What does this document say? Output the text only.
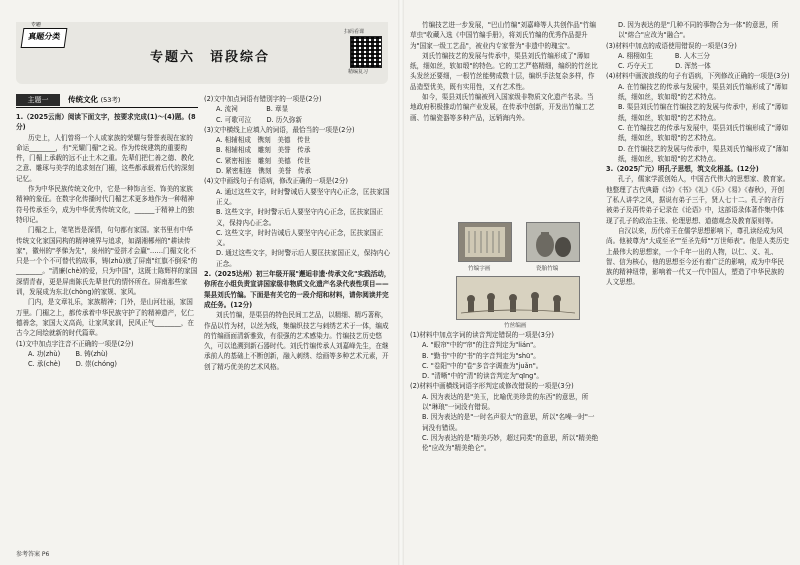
专题
真题分类
专题六　语段综合
扫码看课
精编复习
主题一	传统文化 (53考)

1.（2025云南）阅读下面文字，按要求完成(1)～(4)题。(8分)

历史上，人们曾将一个人或家族的荣耀与誉誉表现在家的命运________，有"光耀门楣"之说。作为传统建筑的重要构件，门楣上承载的远不止土木之重。先辈们把仁善之德、教化之意、雕琢与美学的追求刻在门楣，这些都承载着后代的深刻记忆。

作为中华民族传统文化中，它是一种饰言至、饰美的家族精神的象征。在数字化传播时代门楣艺术更多地作为一种精神符号传承至今，成为中华优秀传统文化，______于精神上的独特印记。

门楣之上，笔笔皆是深情，句句都有家国。家书里有中华传统文化家国同构的精神境界与追求，如湖湘郴州的"耕读传家"，徽州的"孝悌为先"，泉州的"爱拼才会赢"……门楣文化不只是一个个不可替代的故事，铸(zhù)就了屏南"红旗不倒采"的________。"清廉(chè)的爱，只为中国"，这既士陈辉样的家国深情青春，更是屏南陈氏先辈世代的情怀所在。屏南那些家训，发展成为东北(chòng)的家规、家风。

门内，是文章礼乐，家族精神；门外，是山河壮丽，家国万里。门楣之上，都传承着中华民族守护了的精神遗产，忆仁德善念，家国大义高尚，让家风家训，民风正气________，在古今之间绘就新的时代篇章。

(1)文中加点字注音不正确的一项是(2分)

A. 功(zhù)　　 B. 铸(zhù)
C. 承(chè)　　 D. 崇(chóng)

(2)文中加点词语有错别字的一项是(2分)

A. 流祠　　　　	B. 章显
C. 可歌可泣　　 D. 历久弥新

(3)文中横线上应填入的词语，最恰当的一项是(2分)

A. 相辅相成　镌刻　美德　传世

B. 相辅相成　雕刻　美誉　传承

C. 紧密相连　雕刻　美德　传世

D. 紧密相连　镌刻　美誉　传承

(4)文中画线句子有语病，修改正确的一项是(2分)

A. 通过这些文字，时时警诫后人要坚守内心正念，匡扶家国正义。

B. 这些文字，时时警示后人要坚守内心正念，匡扶家国正义，保持内心正念。

C. 这些文字，时时告诫后人要坚守内心正念，匡扶家国正义。

D. 通过这些文字，时时警示后人要匡扶家国正义，保持内心正念。

2.（2025达州）初三年级开展"邂逅非遗·传承文化"实践活动，你所在小组负责宣讲国家级非物质文化遗产名录代表性项目——渠县刘氏竹编。下面是有关它的一段介绍和材料，请你阅读并完成任务。(12分)

刘氏竹编，是渠县的特色民间工艺品，以精细、精巧著称，作品以竹为材，以丝为线，集编织技艺与刺绣艺术于一体，编成的竹编画面清新雅致，有很强的艺术感染力。竹编技艺历史悠久，可以追溯到新石器时代。刘氏竹编传承人刘嘉峰先生，在继承前人的基础上不断创新，融入刺绣、绘画等多种艺术元素，开创了精巧优美的艺术风格。

竹编技艺进一步发展，"巴山竹编"刘嘉峰等人共创作品"竹编草虫"收藏入选《中国竹编手册》，将刘氏竹编的优秀作品提升为"国家一级工艺品"，被业内专家誉为"非遗中的瑰宝"。

刘氏竹编技艺的发展与传承中，渠县刘氏竹编形成了"薄如纸，细如丝，软如缎"的特色。它的工艺严格精细，编织的竹丝比头发丝还要细，一根竹丝能劈成数十层，编织手法复杂多样，作品造型优美，既有实用性，又有艺术性。

如今，渠县刘氏竹编被列入国家级非物质文化遗产名录。当地政府积极推动竹编产业发展，在传承中创新，开发出竹编工艺画、竹编瓷器等多种产品，远销海内外。

竹编字画	瓷胎竹编
竹丝编画

(1)材料中加点字词的读音判定错误的一项是(3分)

A. "眼帘"中的"帘"的注音判定为"lián"。

B. "勤书"中的"书"的字音判定为"shū"。

C. "卷阳"中的"卷"多音字调查为"juǎn"。

D. "清晰"中的"清"的读音判定为"qīng"。

(2)材料中画横线词语字形判定或修改错误的一项是(3分)

A. 因为表达的是"美玉，比喻优美珍贵的东西"的意思，所以"琳琅"一词没有错误。

B. 因为表达的是"一时名声很大"的意思，所以"名噪一时"一词没有错误。

C. 因为表达的是"精美巧妙，超过同类"的意思，所以"精美绝伦"应改为"精美绝仑"。

D. 因为表达的是"几种不同的事物合为一体"的意思，所以"熔合"应改为"融合"。

(3)材料中加点的成语使用错误的一项是(3分)

A. 栩栩如生　　　	B. 人木三分
C. 巧夺天工　　　	D. 浑然一体

(4)材料中画波浪线的句子有语病，下列修改正确的一项是(3分)

A. 在竹编技艺的传承与发展中，渠县刘氏竹编形成了"薄如纸，细如丝，软如缎"的艺术特点。

B. 渠县刘氏竹编在竹编技艺的发展与传承中，形成了"薄如纸，细如丝，软如缎"的艺术特点。

C. 在竹编技艺的传承与发展中，渠县刘氏竹编形成了"薄如纸，细如丝，软如缎"的艺术特点。

D. 在竹编技艺的发展与传承中，渠县刘氏竹编形成了"薄如纸，细如丝，软如缎"的艺术特点。

3.（2025广元）明孔子思想，筑文化根基。(12分)

孔子，儒家学派创始人，中国古代伟大的思想家、教育家。他整理了古代典籍《诗》《书》《礼》《乐》《易》《春秋》，开创了私人讲学之风，据说有弟子三千，贤人七十二。孔子的言行被弟子及再传弟子记录在《论语》中，这部语录体著作集中体现了孔子的政治主张、伦理思想、道德观念及教育原则等。

自汉以来，历代帝王在儒学思想影响下，尊孔读经成为风尚。他被尊为"大成至圣""至圣先师""万世师表"。他是人类历史上最伟大的思想家，一个千年一出的人物，以仁、义、礼、智、信为核心，他的思想至今还有着广泛的影响，成为中华民族的精神纽带，影响着一代又一代中国人，塑造了中华民族的人文思想。

参考答案 P6
